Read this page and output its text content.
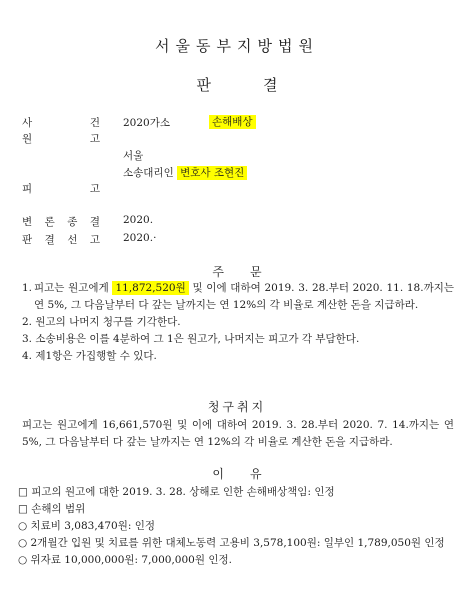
서울동부지방법원
판	결
사	건 2020가소	손해배상
원	고
서울
소송대리인 변호사 조현진
피	고
변 론 종 결 2020.
판 결 선 고 2020.·
주 문
1. 피고는 원고에게 11,872,520원 및 이에 대하여 2019. 3. 28.부터 2020. 11. 18.까지는 연 5%, 그 다음날부터 다 갚는 날까지는 연 12%의 각 비율로 계산한 돈을 지급하라.
2. 원고의 나머지 청구를 기각한다.
3. 소송비용은 이를 4분하여 그 1은 원고가, 나머지는 피고가 각 부담한다.
4. 제1항은 가집행할 수 있다.
청구취지
피고는 원고에게 16,661,570원 및 이에 대하여 2019. 3. 28.부터 2020. 7. 14.까지는 연 5%, 그 다음날부터 다 갚는 날까지는 연 12%의 각 비율로 계산한 돈을 지급하라.
이 유
□ 피고의 원고에 대한 2019. 3. 28. 상해로 인한 손해배상책임: 인정
□ 손해의 범위
○ 치료비 3,083,470원: 인정
○ 2개월간 입원 및 치료를 위한 대체노동력 고용비 3,578,100원: 일부인 1,789,050원 인정
○ 위자료 10,000,000원: 7,000,000원 인정.
